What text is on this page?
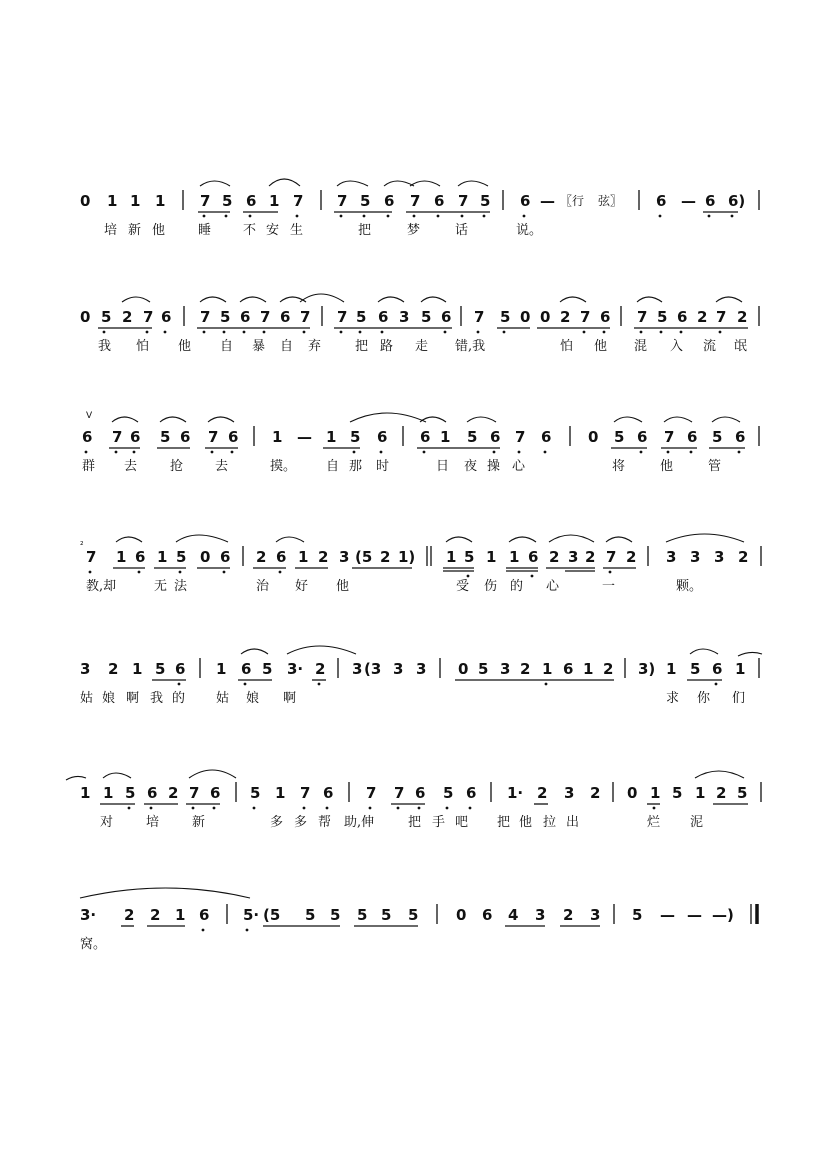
0 1 1 1 7 5 6 1 7 7 5 6 7 6 7 5 6 — 〖行 弦〗 6 — 6 6)
培 新 他	睡 不 安 生	把	梦	话	说。
0 5 2 7 6 7 5 6 7 6 7 7 5 6 3 5 6 7 5 0 0 2 7 6 7 5 6 2 7 2
我 怕 他 自 暴 自 弃	把 路 走 错,我	怕 他 混 入 流 氓
V
6 7 6 5 6 7 6 1 — 1 5 6 6 1 5 6 7 6 0 5 6 7 6 5 6
群 去	抢 去	摸。 自 那 时	日 夜 操 心	将	他	管
²
7 1 6 1 5 0 6 2 6 1 2 3 (5 2 1) 1 5 1 1 6 2 3 2 7 2 3 3 3 2
教,却	无 法	治 好 他	受 伤 的 心	一	颗。
3 2 1 5 6 1 6 5 3· 2 3 (3 3 3 0 5 3 2 1 6 1 2 3) 1 5 6 1
姑 娘 啊 我 的 姑 娘 啊	求 你 们
1 1 5 6 2 7 6 5 1 7 6 7 7 6 5 6 1· 2 3 2 0 1 5 1 2 5
对	培	新	多 多 帮 助,伸	把 手 吧 把 他 拉 出	烂 泥
3· 2 2 1 6 5· (5 5 5 5 5 5	0 6 4 3 2 3 5 — — —)
窝。
